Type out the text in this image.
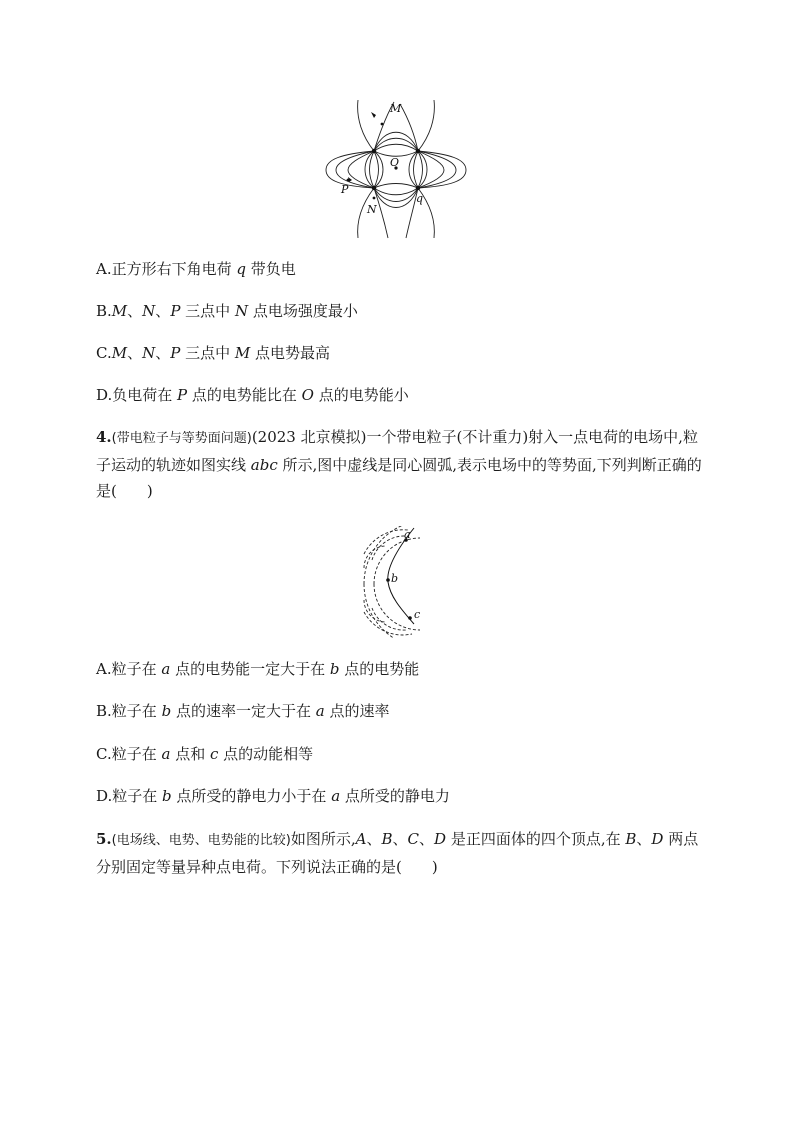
M
O
P
N
q
A.正方形右下角电荷 q 带负电
B.M、N、P 三点中 N 点电场强度最小
C.M、N、P 三点中 M 点电势最高
D.负电荷在 P 点的电势能比在 O 点的电势能小
4.(带电粒子与等势面问题)(2023 北京模拟)一个带电粒子(不计重力)射入一点电荷的电场中,粒子运动的轨迹如图实线 abc 所示,图中虚线是同心圆弧,表示电场中的等势面,下列判断正确的是(　　)
a
b
c
A.粒子在 a 点的电势能一定大于在 b 点的电势能
B.粒子在 b 点的速率一定大于在 a 点的速率
C.粒子在 a 点和 c 点的动能相等
D.粒子在 b 点所受的静电力小于在 a 点所受的静电力
5.(电场线、电势、电势能的比较)如图所示,A、B、C、D 是正四面体的四个顶点,在 B、D 两点分别固定等量异种点电荷。下列说法正确的是(　　)
